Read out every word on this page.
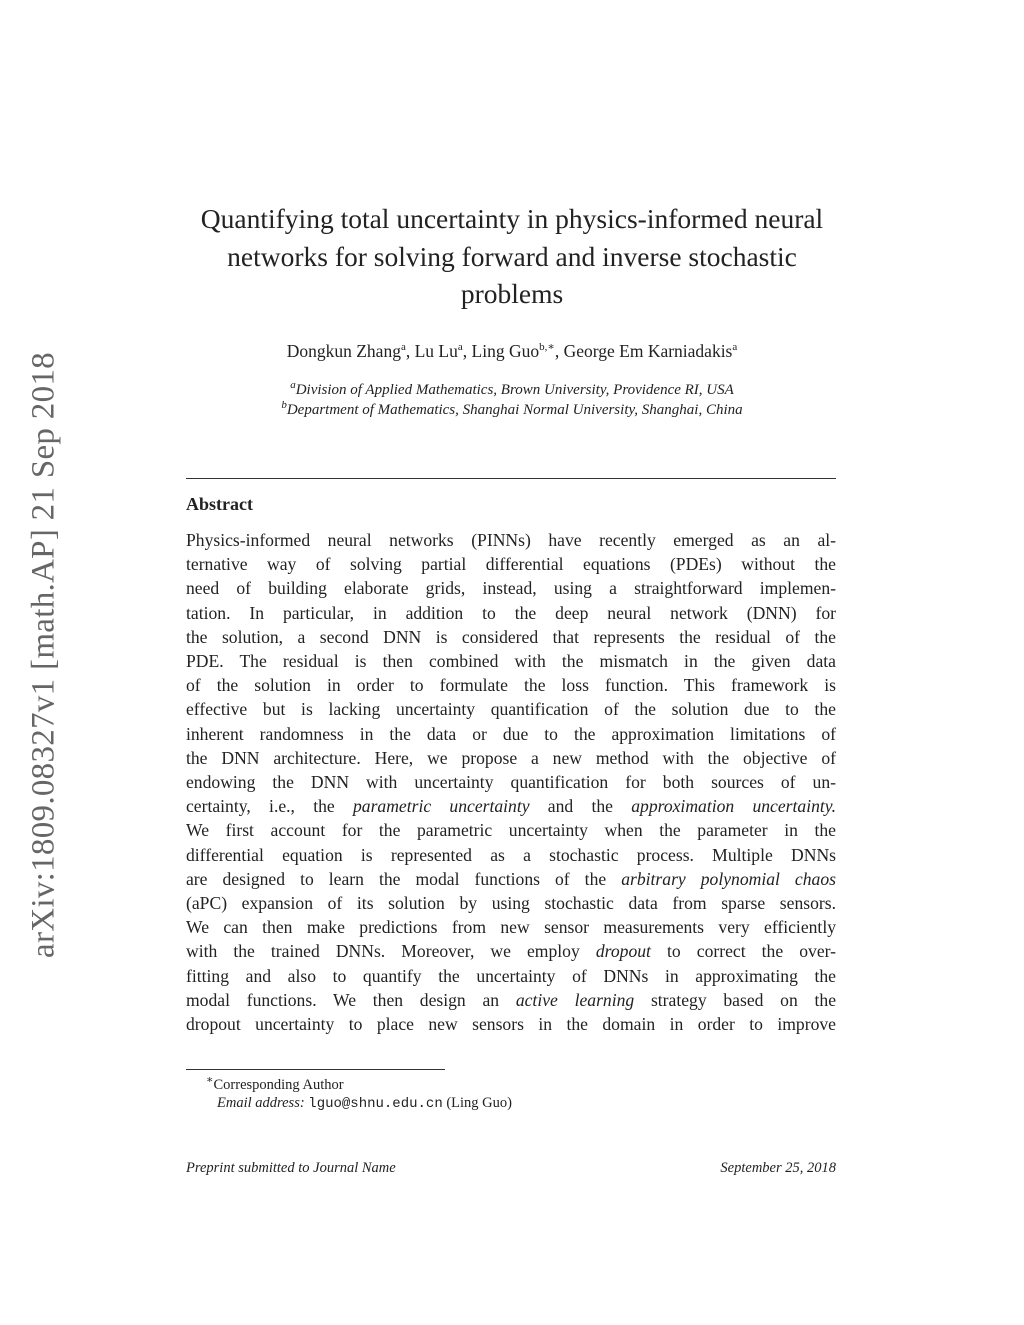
arXiv:1809.08327v1 [math.AP] 21 Sep 2018
Quantifying total uncertainty in physics-informed neural
networks for solving forward and inverse stochastic
problems
Dongkun Zhang$^a$, Lu Lu$^a$, Ling Guo$^{b,∗}$, George Em Karniadakis$^a$
$^a$Division of Applied Mathematics, Brown University, Providence RI, USA
$^b$Department of Mathematics, Shanghai Normal University, Shanghai, China
Abstract
Physics-informed neural networks (PINNs) have recently emerged as an al-
ternative way of solving partial differential equations (PDEs) without the
need of building elaborate grids, instead, using a straightforward implemen-
tation. In particular, in addition to the deep neural network (DNN) for
the solution, a second DNN is considered that represents the residual of the
PDE. The residual is then combined with the mismatch in the given data
of the solution in order to formulate the loss function. This framework is
effective but is lacking uncertainty quantification of the solution due to the
inherent randomness in the data or due to the approximation limitations of
the DNN architecture. Here, we propose a new method with the objective of
endowing the DNN with uncertainty quantification for both sources of un-
certainty, i.e., the parametric uncertainty and the approximation uncertainty.
We first account for the parametric uncertainty when the parameter in the
differential equation is represented as a stochastic process. Multiple DNNs
are designed to learn the modal functions of the arbitrary polynomial chaos
(aPC) expansion of its solution by using stochastic data from sparse sensors.
We can then make predictions from new sensor measurements very efficiently
with the trained DNNs. Moreover, we employ dropout to correct the over-
fitting and also to quantify the uncertainty of DNNs in approximating the
modal functions. We then design an active learning strategy based on the
dropout uncertainty to place new sensors in the domain in order to improve
∗Corresponding Author
Email address: lguo@shnu.edu.cn (Ling Guo)
Preprint submitted to Journal Name	September 25, 2018
